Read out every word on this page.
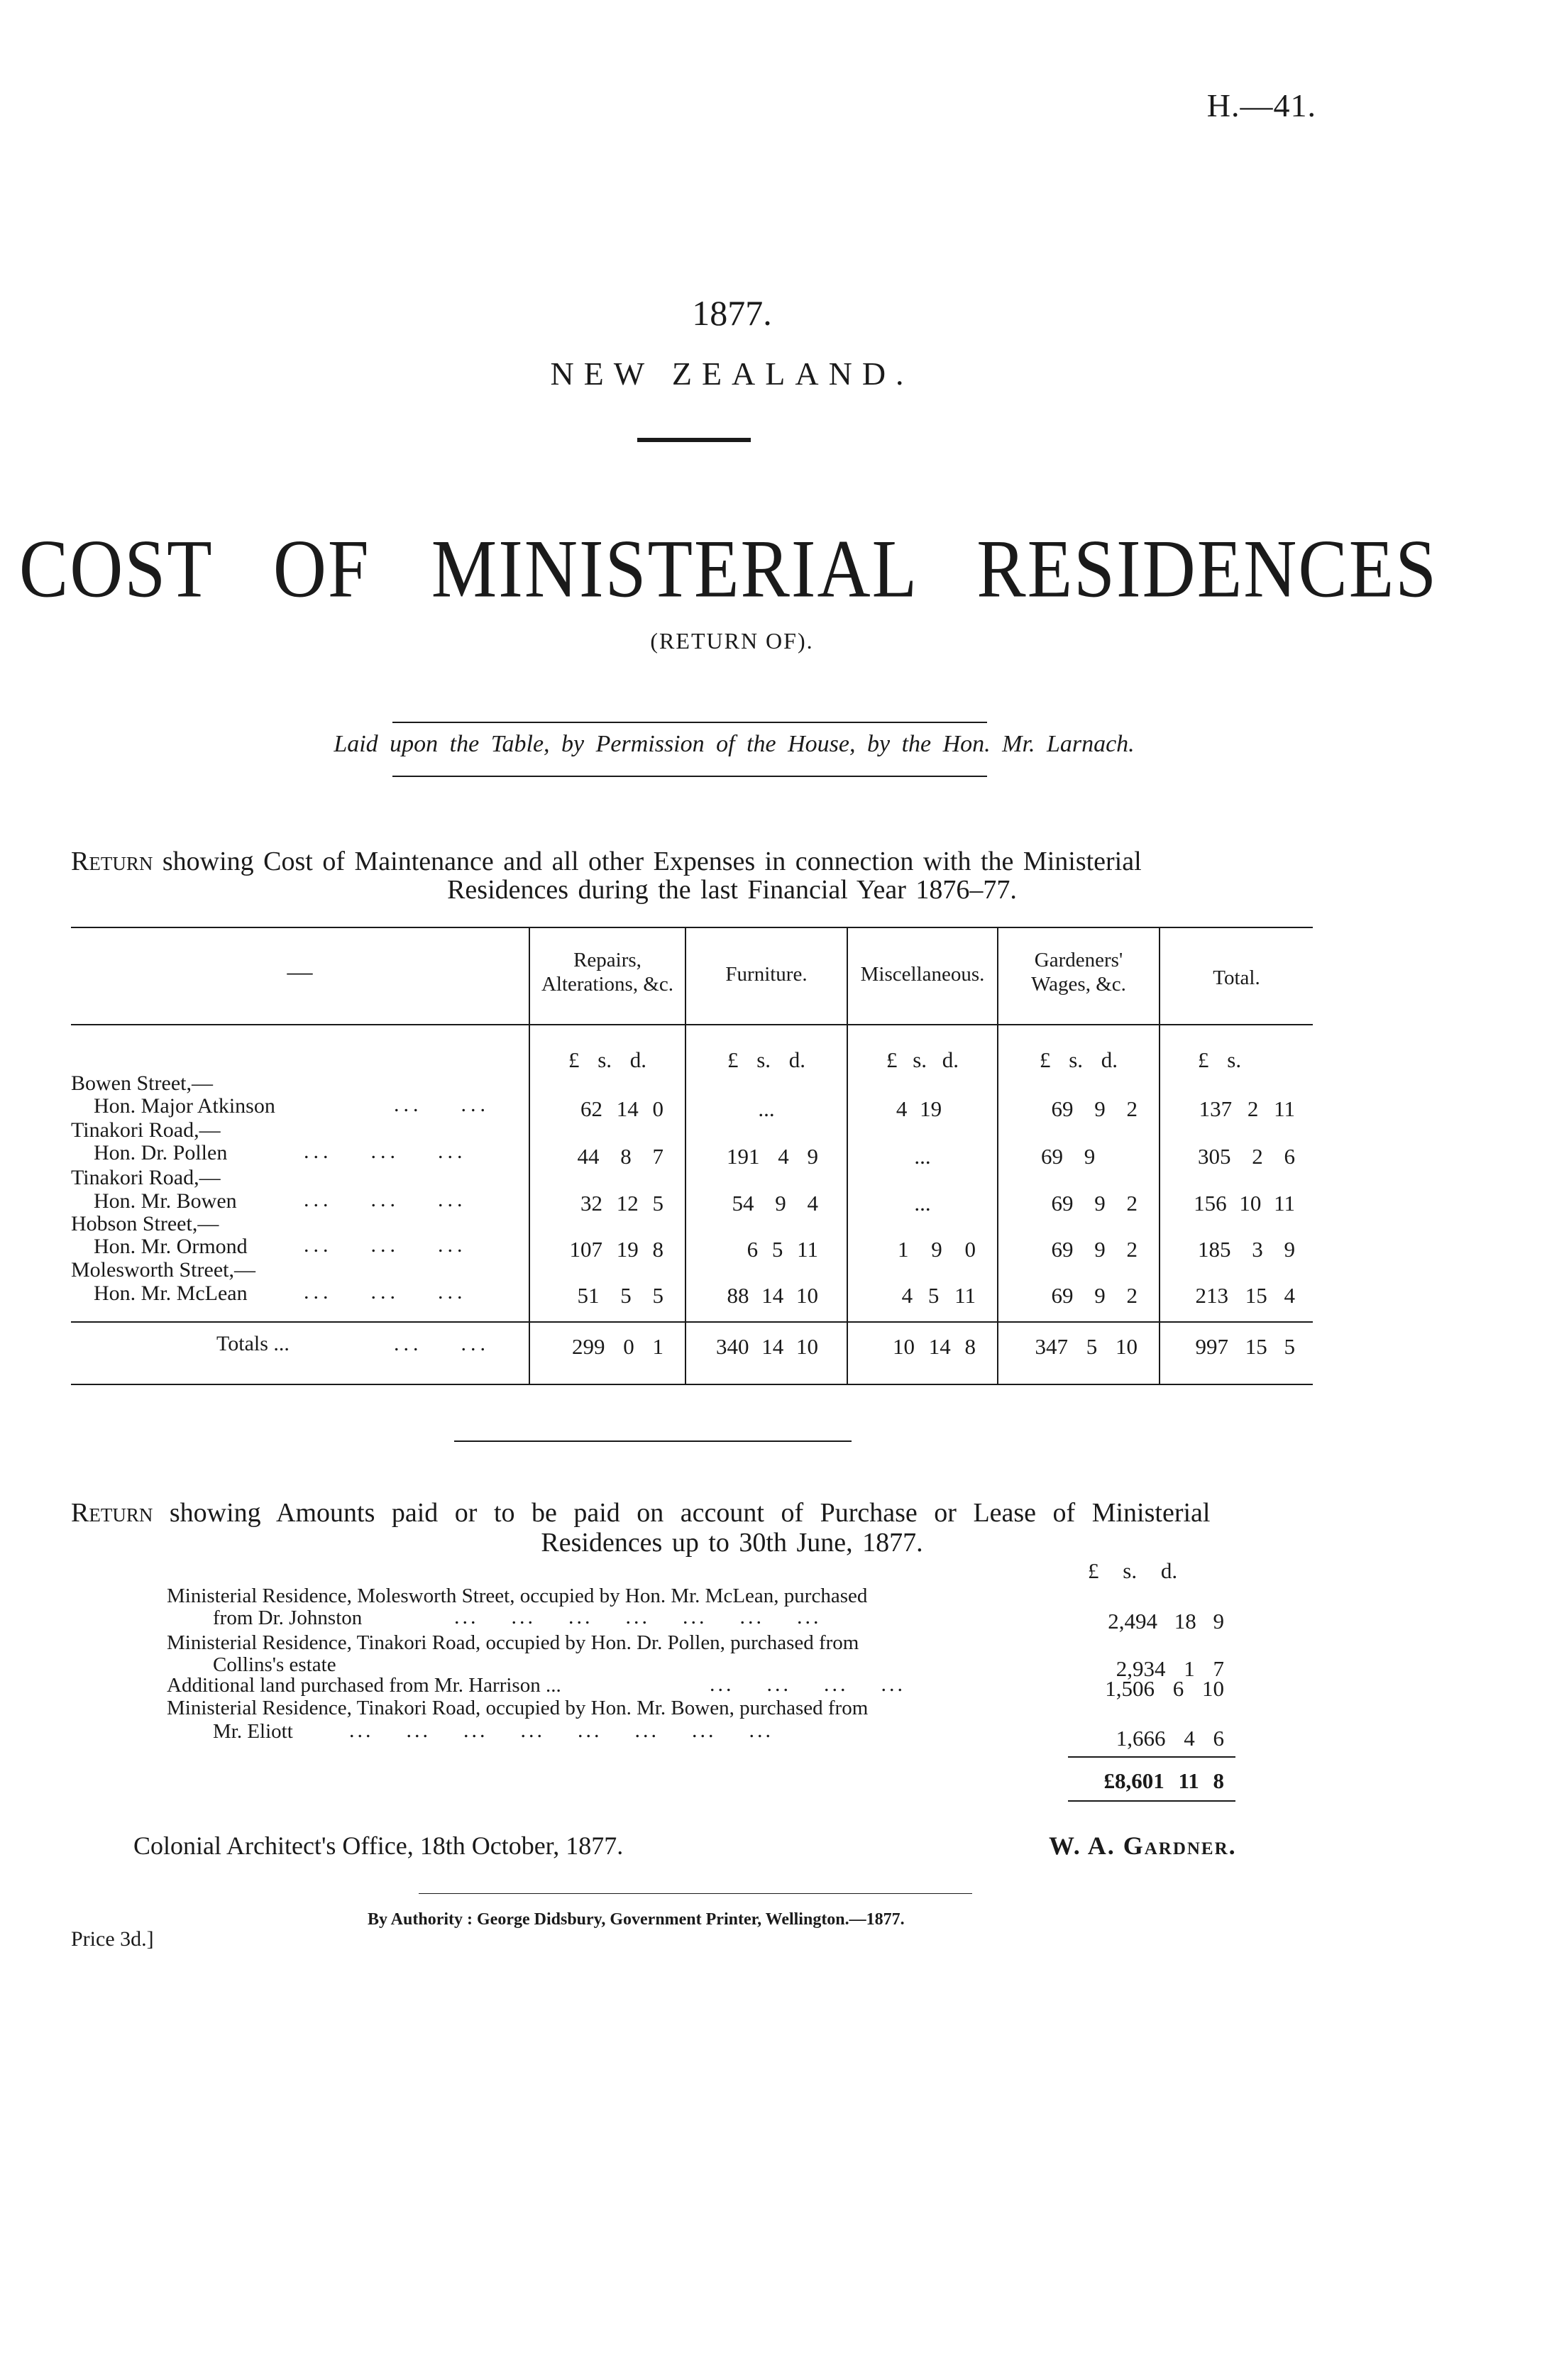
H.—41.
1877.
NEW ZEALAND.
COST OF MINISTERIAL RESIDENCES
(RETURN OF).
Laid upon the Table, by Permission of the House, by the Hon. Mr. Larnach.
Return showing Cost of Maintenance and all other Expenses in connection with the Ministerial
Residences during the last Financial Year 1876–77.
—	Repairs,
Alterations, &c.	Furniture.	Miscellaneous.
Gardeners'
Wages, &c.	Total.
£ s. d.	£ s. d.	£ s. d.	£ s. d.	£ s.
Bowen Street,—
Hon. Major Atkinson	...    ...	62 14 0	...	4 19	69 9 2	137 2 11
Tinakori Road,—
Hon. Dr. Pollen	...    ...    ...	44 8 7	191 4 9	...	69 9	305 2 6
Tinakori Road,—
Hon. Mr. Bowen	...    ...    ...	32 12 5	54 9 4	...	69 9 2	156 10 11
Hobson Street,—
Hon. Mr. Ormond	...    ...    ...	107 19 8	6 5 11	1 9 0	69 9 2	185 3 9
Molesworth Street,—
Hon. Mr. McLean	...    ...    ...	51 5 5	88 14 10	4 5 11	69 9 2	213 15 4
Totals ...	...    ...	299 0 1	340 14 10	10 14 8	347 5 10	997 15 5
Return showing Amounts paid or to be paid on account of Purchase or Lease of Ministerial
Residences up to 30th June, 1877.
£ s. d.
Ministerial Residence, Molesworth Street, occupied by Hon. Mr. McLean, purchased
from Dr. Johnston	...    ...    ...    ...    ...    ...    ...	2,494 18 9
Ministerial Residence, Tinakori Road, occupied by Hon. Dr. Pollen, purchased from
Collins's estate	2,934 1 7
Additional land purchased from Mr. Harrison ...	...    ...    ...    ...	1,506 6 10
Ministerial Residence, Tinakori Road, occupied by Hon. Mr. Bowen, purchased from
Mr. Eliott	...    ...    ...    ...    ...    ...    ...    ...	1,666 4 6
£8,601 11 8
Colonial Architect's Office, 18th October, 1877.	W. A. Gardner.
Price 3d.]
By Authority : George Didsbury, Government Printer, Wellington.—1877.
